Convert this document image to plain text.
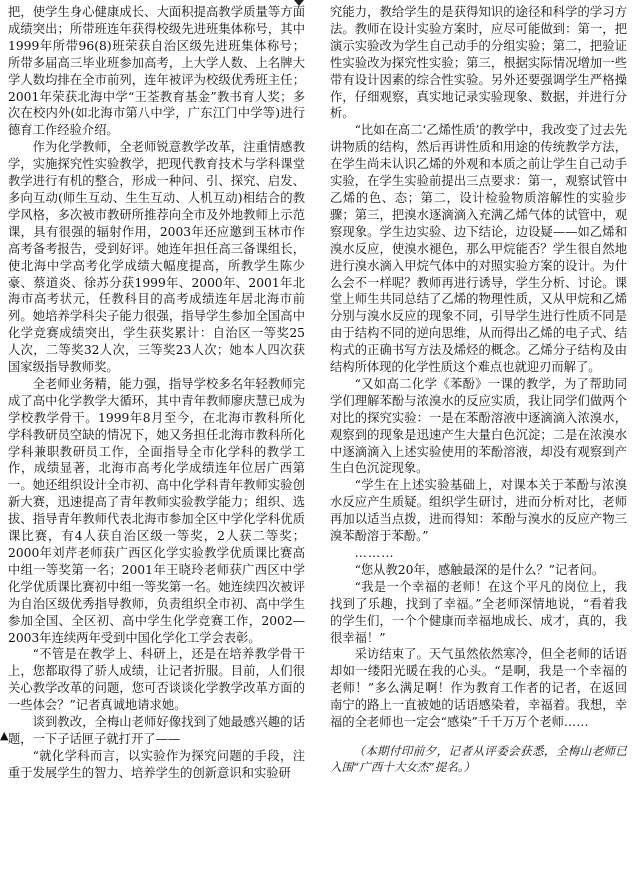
把，使学生身心健康成长、大面积提高教学质量等方面成绩突出；所带班连年获得校级先进班集体称号，其中1999年所带96(8)班荣获自治区级先进班集体称号；所带多届高三毕业班参加高考，上大学人数、上名牌大学人数均排在全市前列，连年被评为校级优秀班主任；2001年荣获北海中学“王荃教育基金”教书育人奖；多次在校内外(如北海市第八中学，广东江门中学等)进行德育工作经验介绍。

作为化学教师，全老师锐意教学改革，注重情感教学，实施探究性实验教学，把现代教育技术与学科课堂教学进行有机的整合，形成一种问、引、探究、启发、多向互动(师生互动、生生互动、人机互动)相结合的教学风格，多次被市教研所推荐向全市及外地教师上示范课，具有很强的辐射作用，2003年还应邀到玉林市作高考备考报告，受到好评。她连年担任高三备课组长，使北海中学高考化学成绩大幅度提高，所教学生陈少豪、蔡道炎、徐苏分获1999年、2000年、2001年北海市高考状元，任教科目的高考成绩连年居北海市前列。她培养学科尖子能力很强，指导学生参加全国高中化学竞赛成绩突出，学生获奖累计：自治区一等奖25人次，二等奖32人次，三等奖23人次；她本人四次获国家级指导教师奖。

全老师业务精，能力强，指导学校多名年轻教师完成了高中化学教学大循环，其中青年教师廖庆慧已成为学校教学骨干。1999年8月至今，在北海市教科所化学科教研员空缺的情况下，她又务担任北海市教科所化学科兼职教研员工作，全面指导全市化学科的教学工作，成绩显著，北海市高考化学成绩连年位居广西第一。她还组织设计全市初、高中化学科青年教师实验创新大赛，迅速提高了青年教师实验教学能力；组织、选拔、指导青年教师代表北海市参加全区中学化学科优质课比赛，有4人获自治区级一等奖，2人获二等奖；2000年刘芹老师获广西区化学实验教学优质课比赛高中组一等奖第一名；2001年王晓玲老师获广西区中学化学优质课比赛初中组一等奖第一名。她连续四次被评为自治区级优秀指导教师，负责组织全市初、高中学生参加全国、全区初、高中学生化学竞赛工作，2002—2003年连续两年受到中国化学化工学会表彰。

“不管是在教学上、科研上，还是在培养教学骨干上，您都取得了骄人成绩，让记者折服。目前，人们很关心教学改革的问题，您可否谈谈化学教学改革方面的一些体会？”记者真诚地请求她。

谈到教改，全梅山老师好像找到了她最感兴趣的话题，一下子话匣子就打开了——

“就化学科而言，以实验作为探究问题的手段，注重于发展学生的智力、培养学生的创新意识和实验研

▲

究能力，教给学生的是获得知识的途径和科学的学习方法。教师在设计实验方案时，应尽可能做到：第一，把演示实验改为学生自己动手的分组实验；第二，把验证性实验改为探究性实验；第三，根据实际情况增加一些带有设计因素的综合性实验。另外还要强调学生严格操作，仔细观察，真实地记录实验现象、数据，并进行分析。

“比如在高二‘乙烯性质’的教学中，我改变了过去先讲物质的结构，然后再讲性质和用途的传统教学方法，在学生尚未认识乙烯的外观和本质之前让学生自己动手实验，在学生实验前提出三点要求：第一，观察试管中乙烯的色、态；第二，设计检验物质溶解性的实验步骤；第三，把溴水逐滴滴入充满乙烯气体的试管中，观察现象。学生边实验、边下结论，边设疑——如乙烯和溴水反应，使溴水褪色，那么甲烷能否？学生很自然地进行溴水滴入甲烷气体中的对照实验方案的设计。为什么会不一样呢？教师再进行诱导，学生分析、讨论。课堂上师生共同总结了乙烯的物理性质，又从甲烷和乙烯分别与溴水反应的现象不同，引导学生进行性质不同是由于结构不同的逆向思维，从而得出乙烯的电子式、结构式的正确书写方法及烯烃的概念。乙烯分子结构及由结构所体现的化学性质这个难点也就迎刃而解了。

“又如高二化学《苯酚》一课的教学，为了帮助同学们理解苯酚与浓溴水的反应实质，我让同学们做两个对比的探究实验：一是在苯酚溶液中逐滴滴入浓溴水，观察到的现象是迅速产生大量白色沉淀；二是在浓溴水中逐滴滴入上述实验使用的苯酚溶液，却没有观察到产生白色沉淀现象。

“学生在上述实验基础上，对课本关于苯酚与浓溴水反应产生质疑。组织学生研讨，进而分析对比，老师再加以适当点拨，进而得知：苯酚与溴水的反应产物三溴苯酚溶于苯酚。”

………

“您从教20年，感触最深的是什么？”记者问。

“我是一个幸福的老师！在这个平凡的岗位上，我找到了乐趣，找到了幸福。”全老师深情地说，“看着我的学生们，一个个健康而幸福地成长、成才，真的，我很幸福！”

采访结束了。天气虽然依然寒冷，但全老师的话语却如一缕阳光暖在我的心头。“是啊，我是一个幸福的老师！”多么满足啊！作为教育工作者的记者，在返回南宁的路上一直被她的话语感染着，幸福着。我想，幸福的全老师也一定会“感染”千千万万个老师……

（本期付印前夕，记者从评委会获悉，全梅山老师已入围“广西十大女杰”提名。）
